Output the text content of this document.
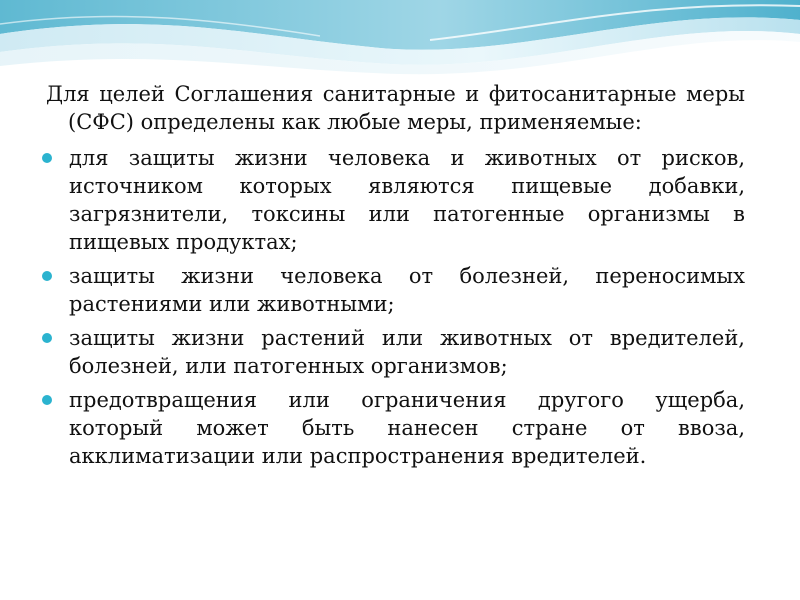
Для целей Соглашения санитарные и фитосанитарные меры (СФС) определены как любые меры, применяемые:

для защиты жизни человека и животных от рисков, источником которых являются пищевые добавки, загрязнители, токсины или патогенные организмы в пищевых продуктах;
защиты жизни человека от болезней, переносимых растениями или животными;
защиты жизни растений или животных от вредителей, болезней, или патогенных организмов;
предотвращения или ограничения другого ущерба, который может быть нанесен стране от ввоза, акклиматизации или распространения вредителей.
